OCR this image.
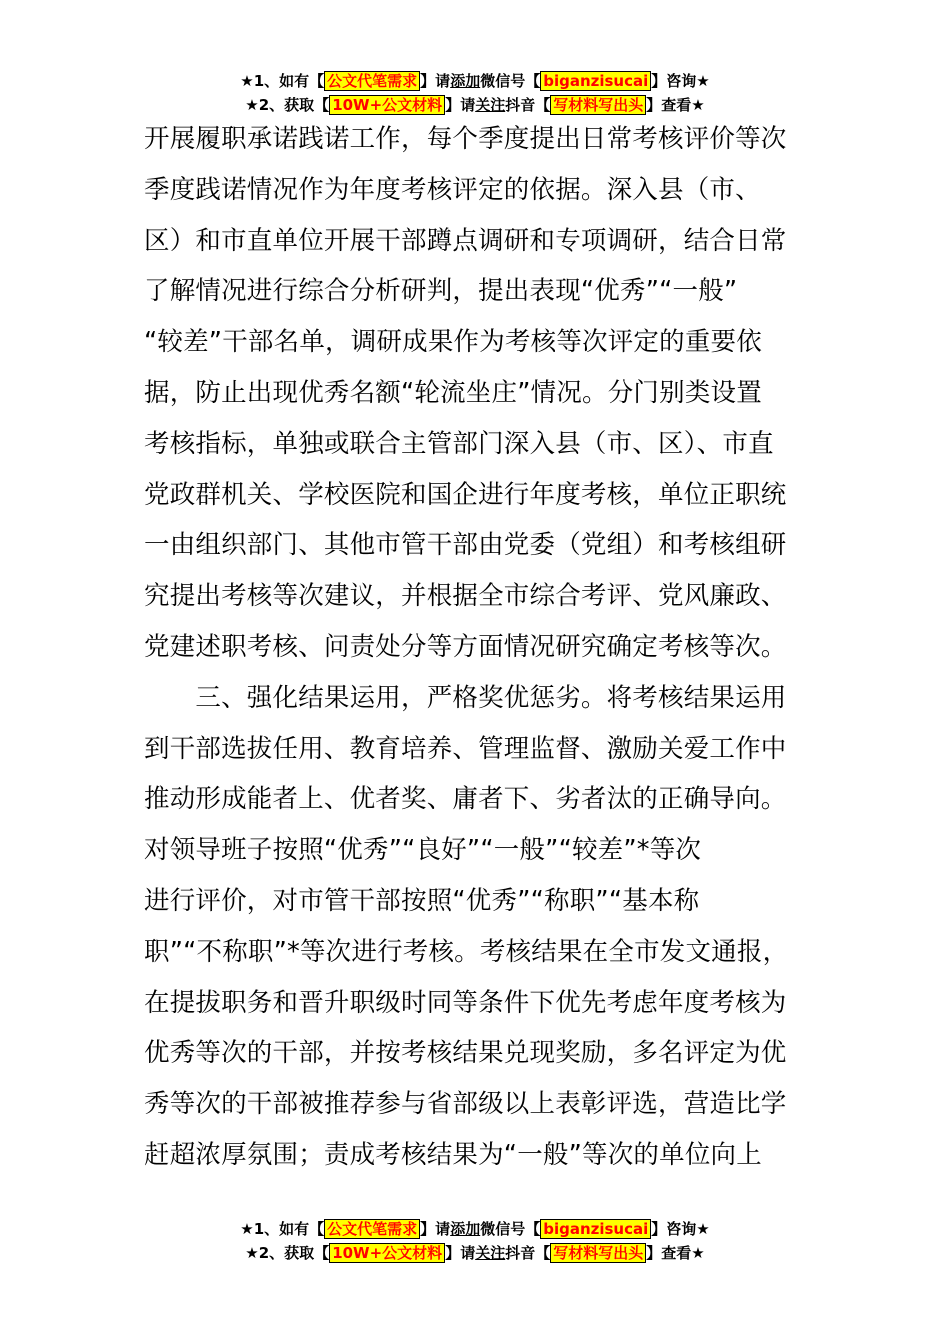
★1、如有【 公文代笔需求 】请添加微信号【 biganzisucai 】咨询★
★2、获取【 10W+公文材料 】请关注抖音【 写材料写出头 】查看★
开展履职承诺践诺工作，每个季度提出日常考核评价等次
季度践诺情况作为年度考核评定的依据。深入县（市、
区）和市直单位开展干部蹲点调研和专项调研，结合日常
了解情况进行综合分析研判，提出表现“优秀”“一般”
“较差”干部名单，调研成果作为考核等次评定的重要依
据，防止出现优秀名额“轮流坐庄”情况。分门别类设置
考核指标，单独或联合主管部门深入县（市、区）、市直
党政群机关、学校医院和国企进行年度考核，单位正职统
一由组织部门、其他市管干部由党委（党组）和考核组研
究提出考核等次建议，并根据全市综合考评、党风廉政、
党建述职考核、问责处分等方面情况研究确定考核等次。
　　三、强化结果运用，严格奖优惩劣。将考核结果运用
到干部选拔任用、教育培养、管理监督、激励关爱工作中
推动形成能者上、优者奖、庸者下、劣者汰的正确导向。
对领导班子按照“优秀”“良好”“一般”“较差”*等次
进行评价，对市管干部按照“优秀”“称职”“基本称
职”“不称职”*等次进行考核。考核结果在全市发文通报，
在提拔职务和晋升职级时同等条件下优先考虑年度考核为
优秀等次的干部，并按考核结果兑现奖励，多名评定为优
秀等次的干部被推荐参与省部级以上表彰评选，营造比学
赶超浓厚氛围；责成考核结果为“一般”等次的单位向上
★1、如有【 公文代笔需求 】请添加微信号【 biganzisucai 】咨询★
★2、获取【 10W+公文材料 】请关注抖音【 写材料写出头 】查看★
